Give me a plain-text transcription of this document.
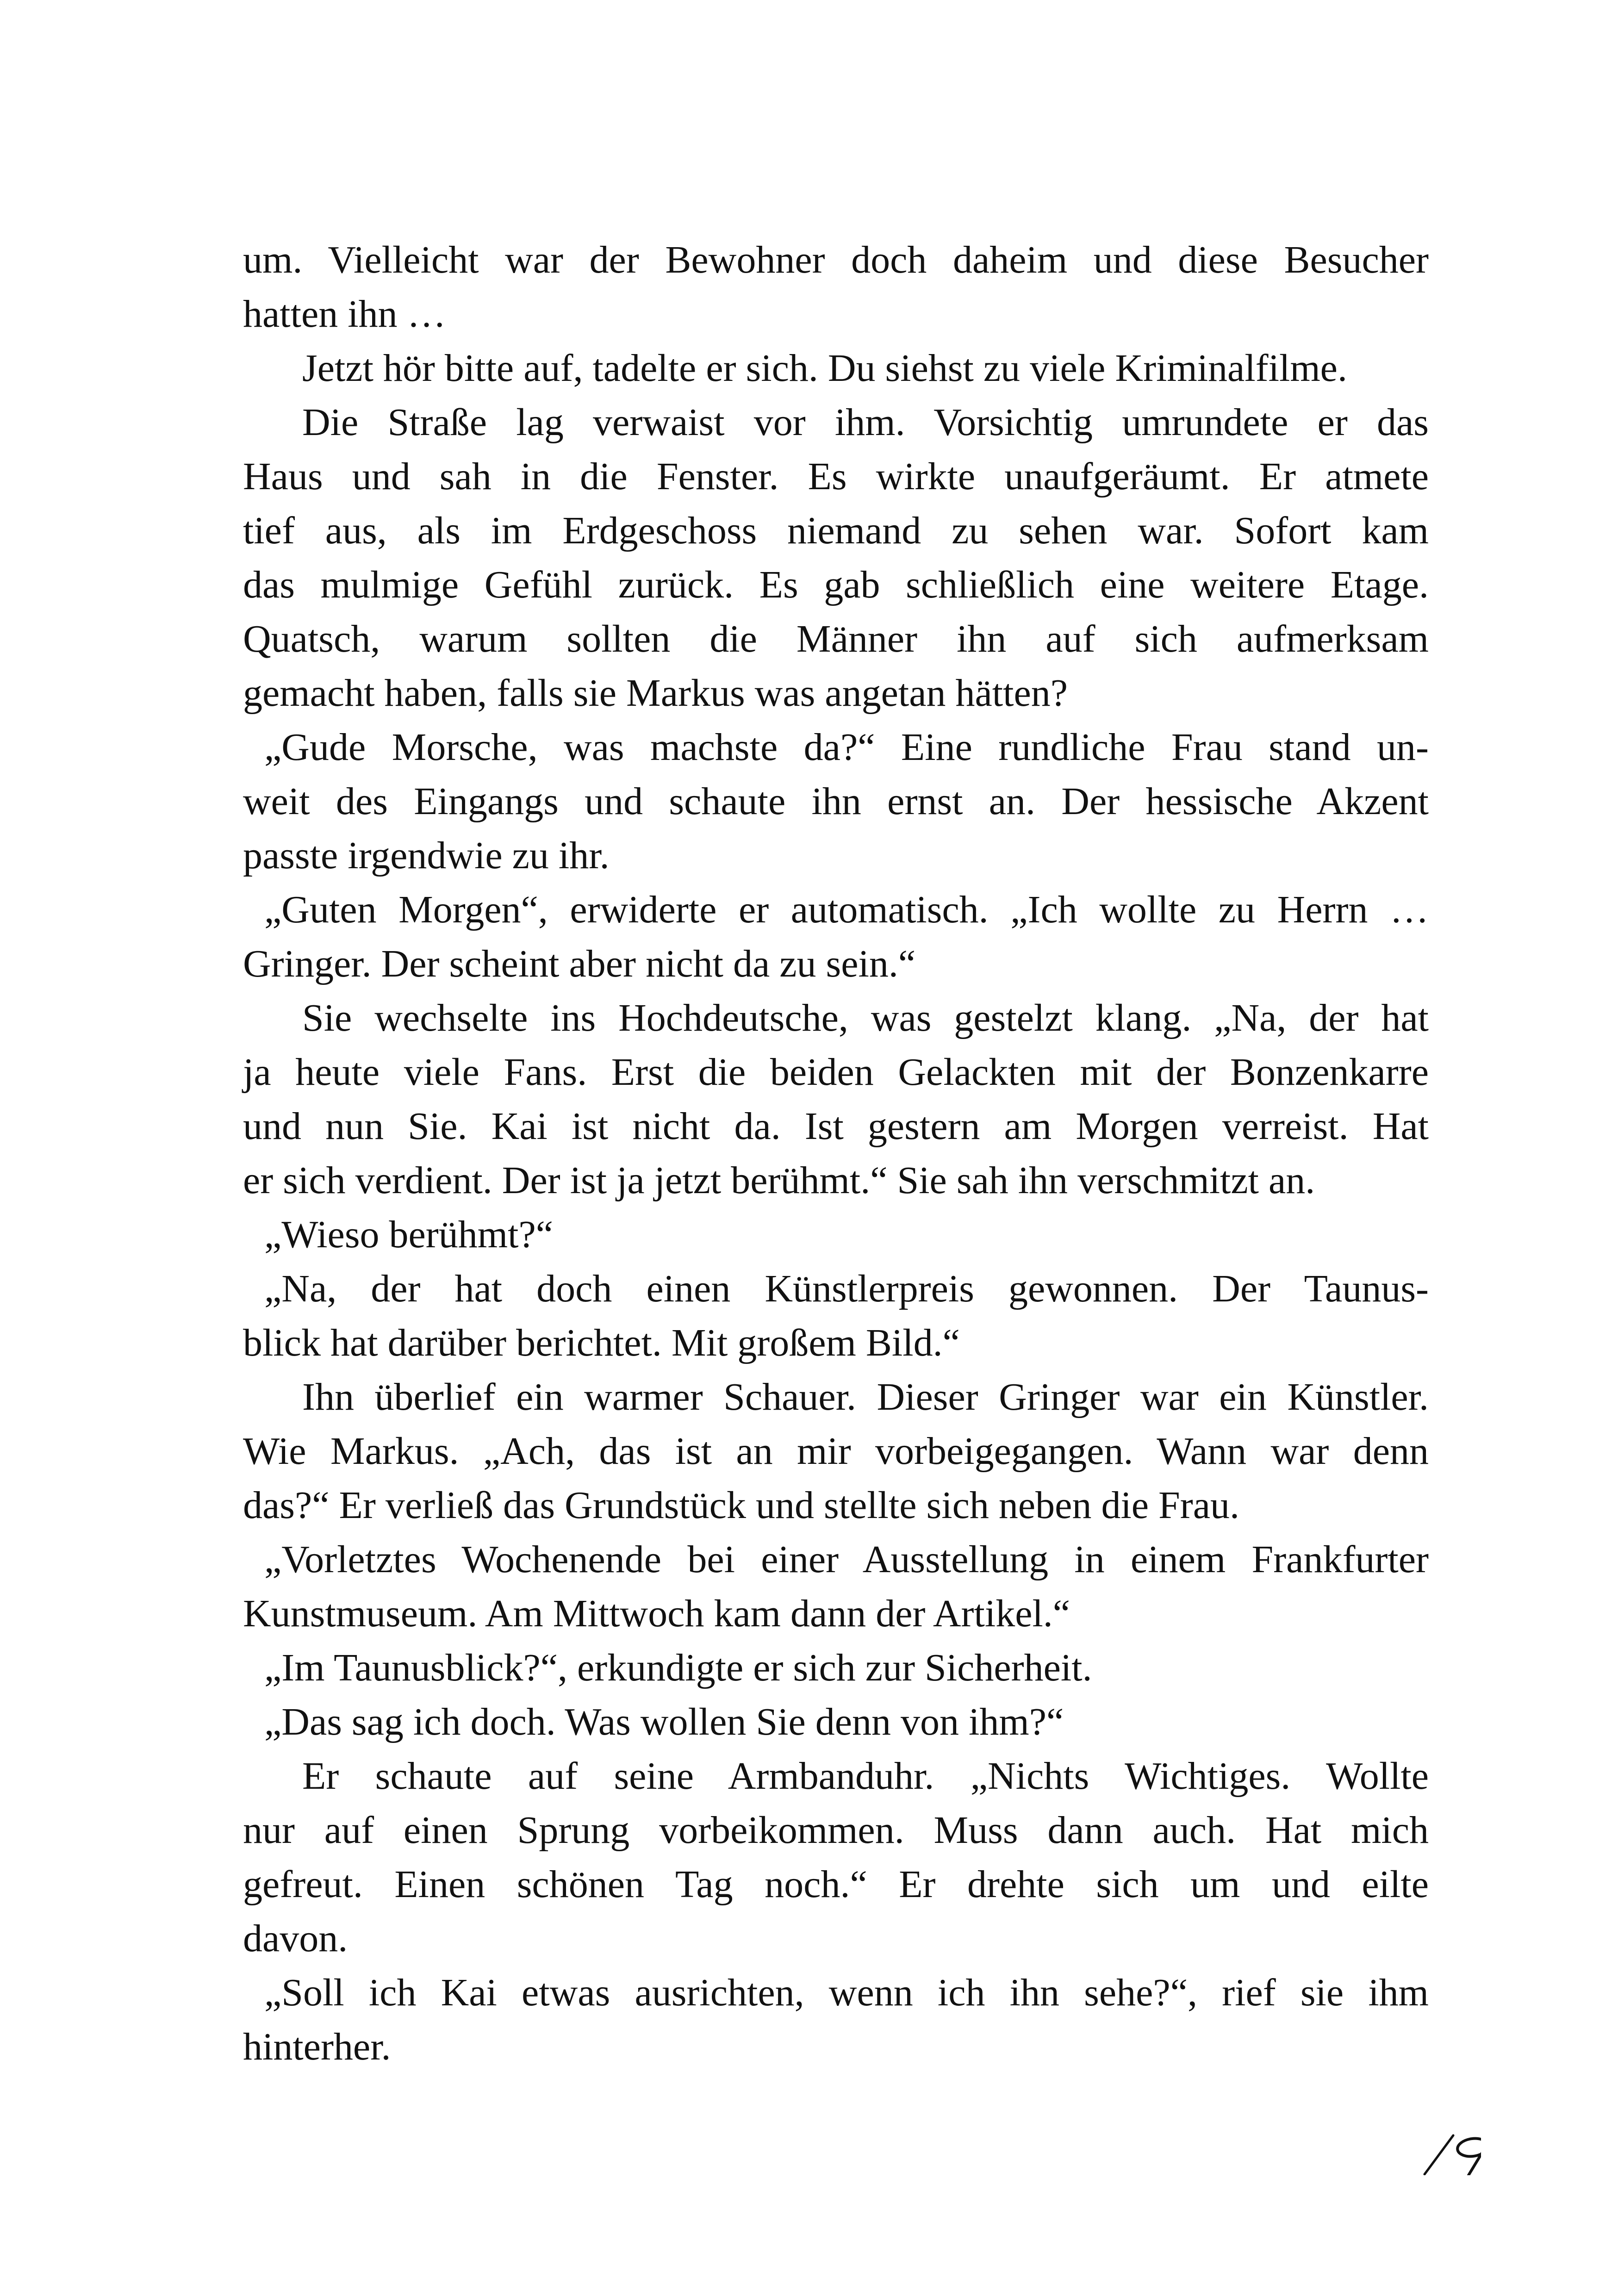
um. Vielleicht war der Bewohner doch daheim und diese Besucher
hatten ihn …
Jetzt hör bitte auf, tadelte er sich. Du siehst zu viele Kriminalfilme.
Die Straße lag verwaist vor ihm. Vorsichtig umrundete er das
Haus und sah in die Fenster. Es wirkte unaufgeräumt. Er atmete
tief aus, als im Erdgeschoss niemand zu sehen war. Sofort kam
das mulmige Gefühl zurück. Es gab schließlich eine weitere Etage.
Quatsch, warum sollten die Männer ihn auf sich aufmerksam
gemacht haben, falls sie Markus was angetan hätten?
„Gude Morsche, was machste da?“ Eine rundliche Frau stand un-
weit des Eingangs und schaute ihn ernst an. Der hessische Akzent
passte irgendwie zu ihr.
„Guten Morgen“, erwiderte er automatisch. „Ich wollte zu Herrn …
Gringer. Der scheint aber nicht da zu sein.“
Sie wechselte ins Hochdeutsche, was gestelzt klang. „Na, der hat
ja heute viele Fans. Erst die beiden Gelackten mit der Bonzenkarre
und nun Sie. Kai ist nicht da. Ist gestern am Morgen verreist. Hat
er sich verdient. Der ist ja jetzt berühmt.“ Sie sah ihn verschmitzt an.
„Wieso berühmt?“
„Na, der hat doch einen Künstlerpreis gewonnen. Der Taunus-
blick hat darüber berichtet. Mit großem Bild.“
Ihn überlief ein warmer Schauer. Dieser Gringer war ein Künstler.
Wie Markus. „Ach, das ist an mir vorbeigegangen. Wann war denn
das?“ Er verließ das Grundstück und stellte sich neben die Frau.
„Vorletztes Wochenende bei einer Ausstellung in einem Frankfurter
Kunstmuseum. Am Mittwoch kam dann der Artikel.“
„Im Taunusblick?“, erkundigte er sich zur Sicherheit.
„Das sag ich doch. Was wollen Sie denn von ihm?“
Er schaute auf seine Armbanduhr. „Nichts Wichtiges. Wollte
nur auf einen Sprung vorbeikommen. Muss dann auch. Hat mich
gefreut. Einen schönen Tag noch.“ Er drehte sich um und eilte
davon.
„Soll ich Kai etwas ausrichten, wenn ich ihn sehe?“, rief sie ihm
hinterher.
